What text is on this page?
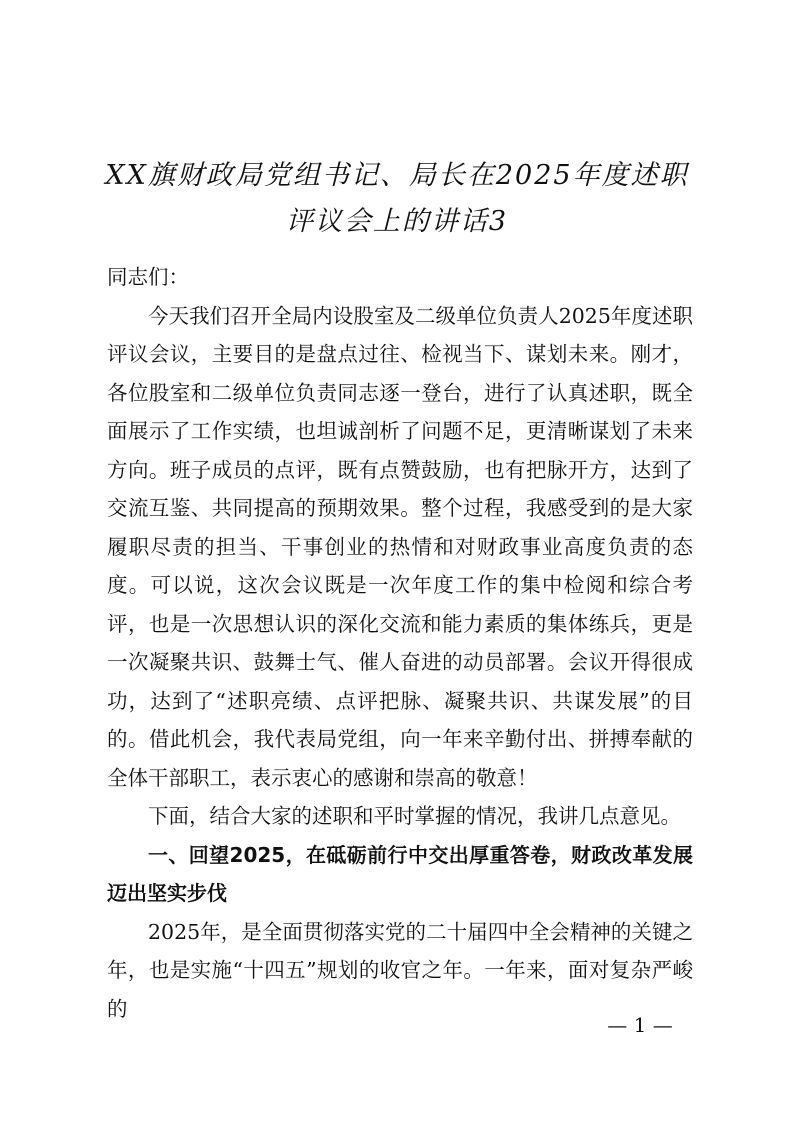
XX旗财政局党组书记、局长在2025年度述职
评议会上的讲话3

同志们：

今天我们召开全局内设股室及二级单位负责人2025年度述职评议会议，主要目的是盘点过往、检视当下、谋划未来。刚才，各位股室和二级单位负责同志逐一登台，进行了认真述职，既全面展示了工作实绩，也坦诚剖析了问题不足，更清晰谋划了未来方向。班子成员的点评，既有点赞鼓励，也有把脉开方，达到了交流互鉴、共同提高的预期效果。整个过程，我感受到的是大家履职尽责的担当、干事创业的热情和对财政事业高度负责的态度。可以说，这次会议既是一次年度工作的集中检阅和综合考评，也是一次思想认识的深化交流和能力素质的集体练兵，更是一次凝聚共识、鼓舞士气、催人奋进的动员部署。会议开得很成功，达到了“述职亮绩、点评把脉、凝聚共识、共谋发展”的目的。借此机会，我代表局党组，向一年来辛勤付出、拼搏奉献的全体干部职工，表示衷心的感谢和崇高的敬意！

下面，结合大家的述职和平时掌握的情况，我讲几点意见。

一、回望2025，在砥砺前行中交出厚重答卷，财政改革发展迈出坚实步伐

2025年，是全面贯彻落实党的二十届四中全会精神的关键之年，也是实施“十四五”规划的收官之年。一年来，面对复杂严峻的

— 1 —
